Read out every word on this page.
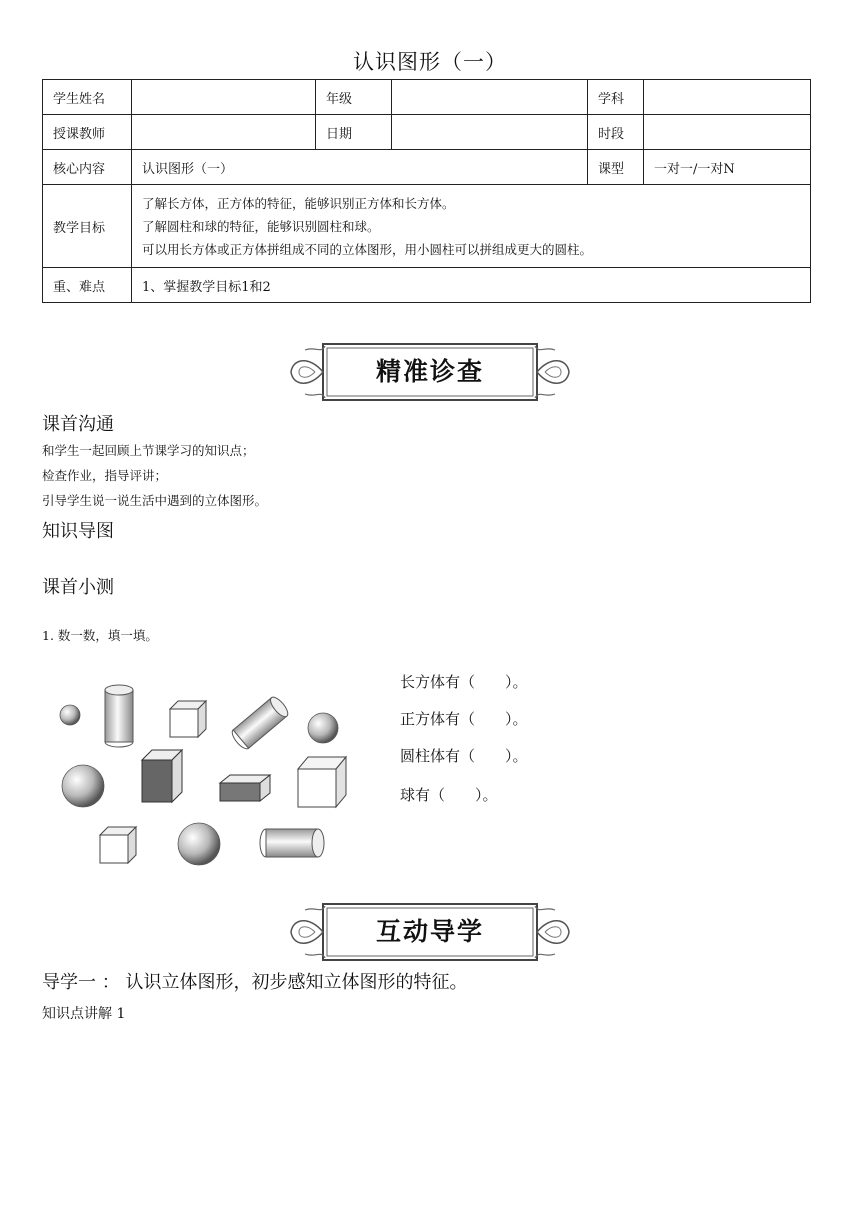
认识图形（一）
学生姓名		年级		学科	
授课教师		日期		时段	
核心内容	认识图形（一）			课型	一对一/一对N
教学目标	了解长方体，正方体的特征，能够识别正方体和长方体。
了解圆柱和球的特征，能够识别圆柱和球。
可以用长方体或正方体拼组成不同的立体图形，用小圆柱可以拼组成更大的圆柱。				

重、难点	1、掌握教学目标1和2				
精准诊查
课首沟通
和学生一起回顾上节课学习的知识点；
检查作业，指导评讲；
引导学生说一说生活中遇到的立体图形。
知识导图
课首小测
1. 数一数，填一填。
长方体有（　　）。
正方体有（　　）。
圆柱体有（　　）。
球有（　　）。
互动导学
导学一 ： 认识立体图形，初步感知立体图形的特征。
知识点讲解 1
